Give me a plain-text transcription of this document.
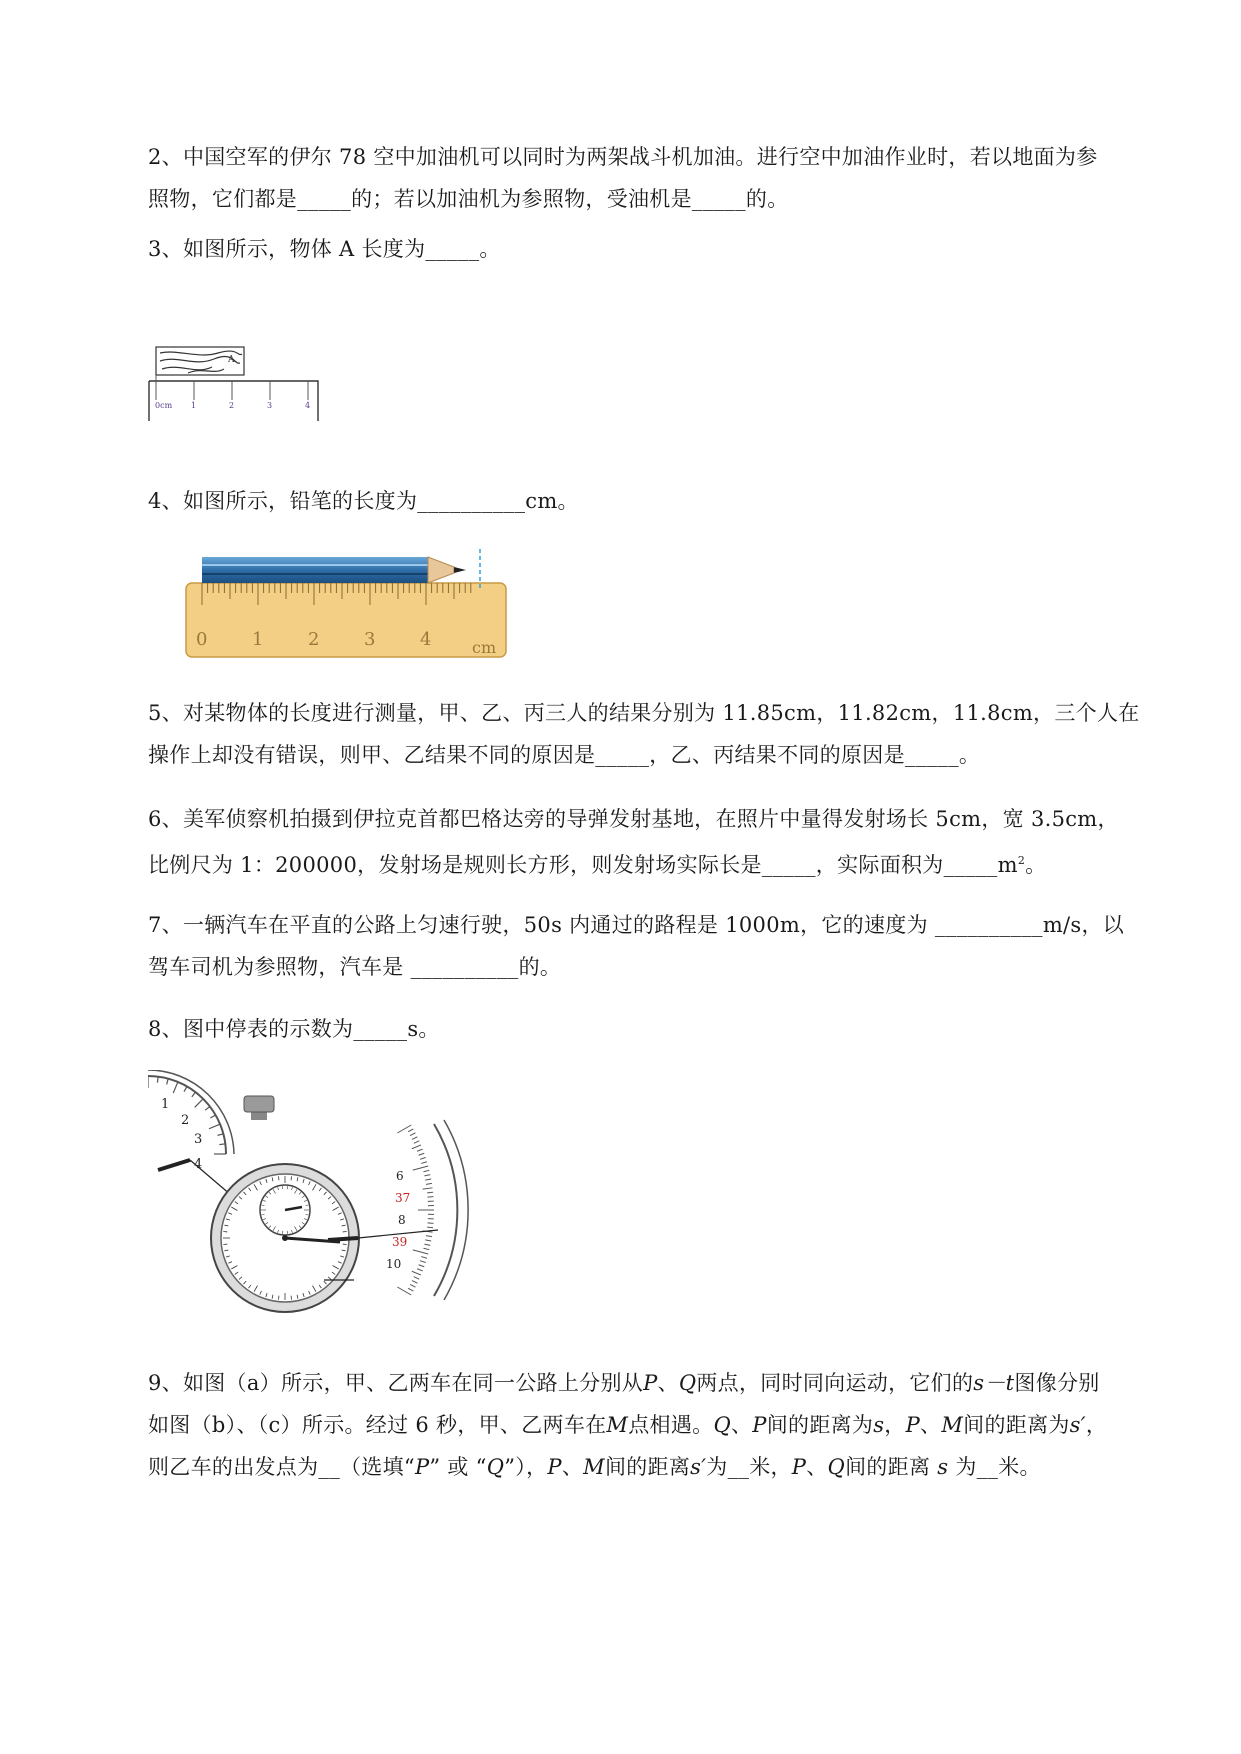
2、中国空军的伊尔 78 空中加油机可以同时为两架战斗机加油。进行空中加油作业时，若以地面为参
照物，它们都是_____的；若以加油机为参照物，受油机是_____的。
3、如图所示，物体 A 长度为_____。
A
0cm 1	2	3	4
4、如图所示，铅笔的长度为__________cm。
0 1 2 3 4	cm
5、对某物体的长度进行测量，甲、乙、丙三人的结果分别为 11.85cm，11.82cm，11.8cm，三个人在
操作上却没有错误，则甲、乙结果不同的原因是_____，乙、丙结果不同的原因是_____。
6、美军侦察机拍摄到伊拉克首都巴格达旁的导弹发射基地，在照片中量得发射场长 5cm，宽 3.5cm，
比例尺为 1：200000，发射场是规则长方形，则发射场实际长是_____，实际面积为$\_\_\_\_\_m^2$。
7、一辆汽车在平直的公路上匀速行驶，50s 内通过的路程是 1000m，它的速度为 __________m/s，以
驾车司机为参照物，汽车是 __________的。
8、图中停表的示数为_____s。
1
2
3
4
6
37
8
39
10
9、如图（a）所示，甲、乙两车在同一公路上分别从P、Q两点，同时同向运动，它们的s－t图像分别
如图（b）、（c）所示。经过 6 秒，甲、乙两车在M点相遇。Q、P间的距离为s，P、M间的距离为s′，
则乙车的出发点为__（选填“P” 或 “Q”），P、M间的距离s′为__米，P、Q间的距离 s 为__米。
